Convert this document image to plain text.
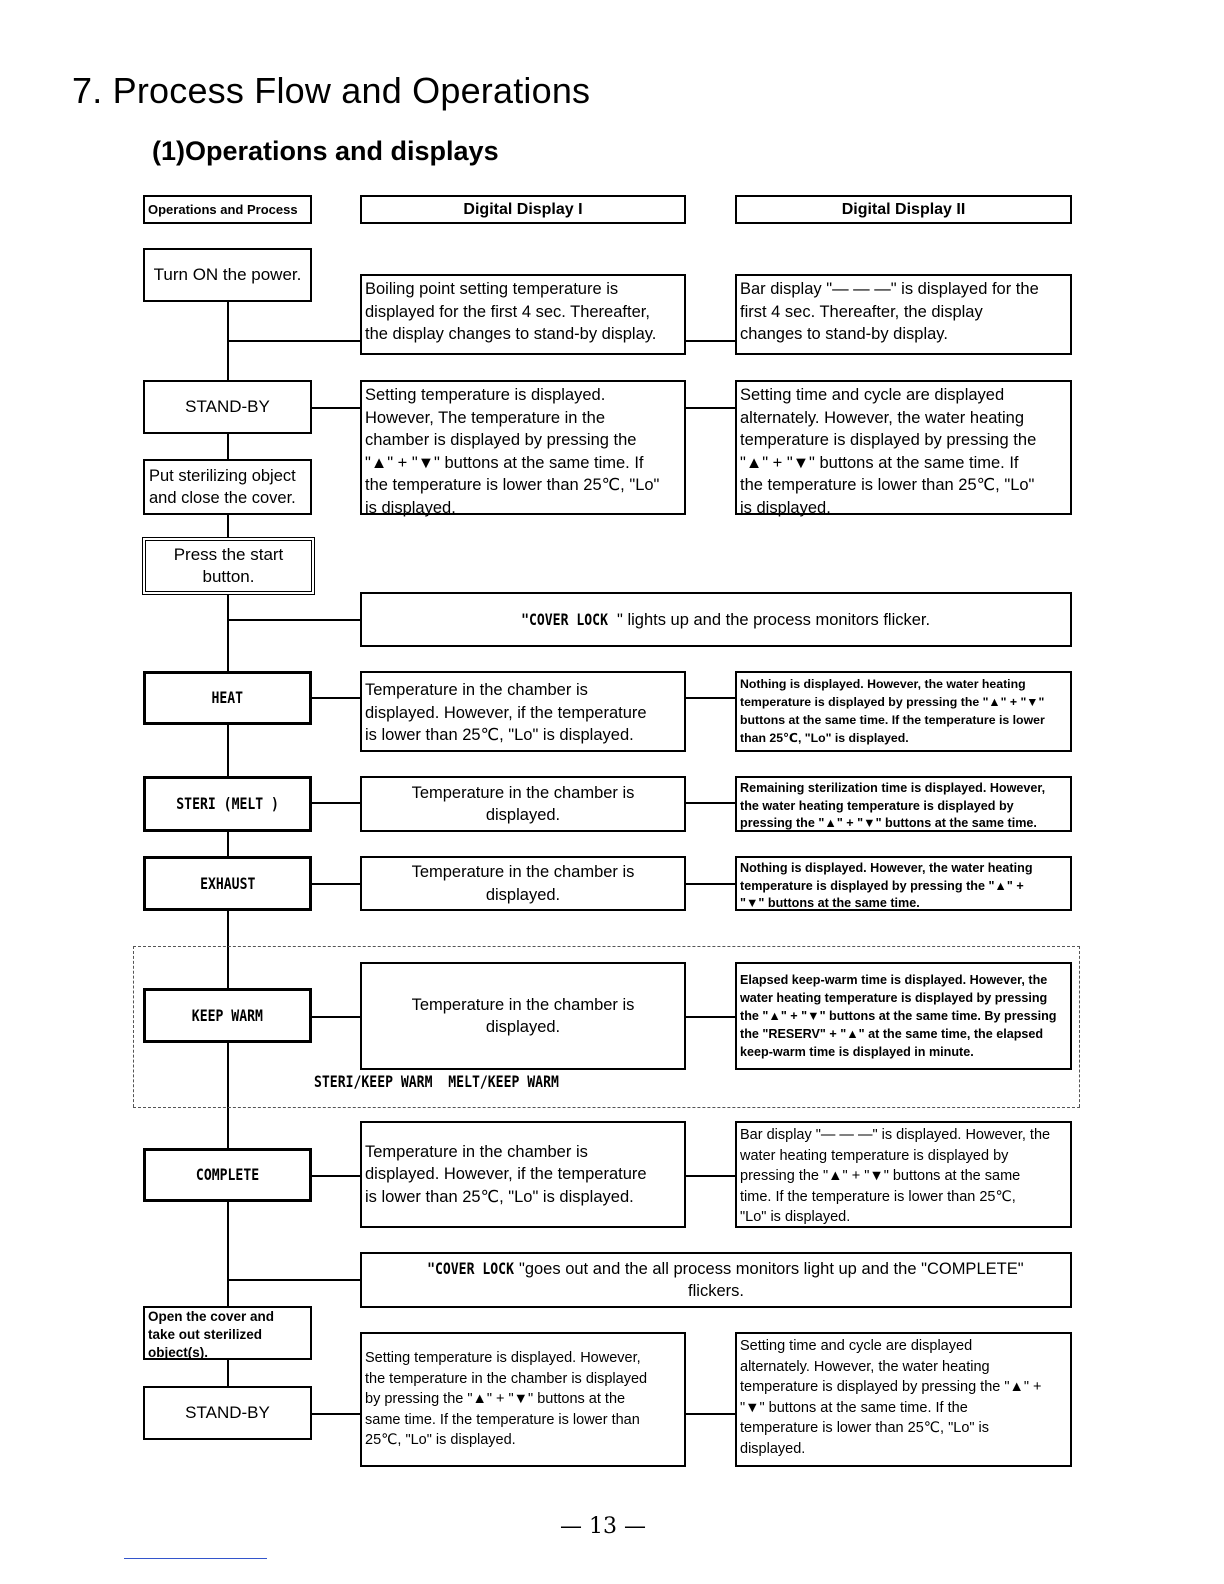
7. Process Flow and Operations
(1)Operations and displays
Operations and Process	Digital Display I	Digital Display II
Turn ON the power.
STAND-BY
Put sterilizing object
and close the cover.
Press the start
button.
HEAT
STERI (MELT )
EXHAUST
KEEP WARM
COMPLETE
Open the cover and
take out sterilized
object(s).
STAND-BY
Boiling point setting temperature is
displayed for the first 4 sec. Thereafter,
the display changes to stand-by display.
Setting temperature is displayed.
However, The temperature in the
chamber is displayed by pressing the
"▲" + "▼" buttons at the same time. If
the temperature is lower than 25℃, "Lo"
is displayed.
Temperature in the chamber is
displayed. However, if the temperature
is lower than 25℃, "Lo" is displayed.
Temperature in the chamber is
displayed.
Temperature in the chamber is
displayed.
Temperature in the chamber is
displayed.
Temperature in the chamber is
displayed. However, if the temperature
is lower than 25℃, "Lo" is displayed.
Setting temperature is displayed. However,
the temperature in the chamber is displayed
by pressing the "▲" + "▼" buttons at the
same time. If the temperature is lower than
25℃, "Lo" is displayed.
Bar display "— — —" is displayed for the
first 4 sec. Thereafter, the display
changes to stand-by display.
Setting time and cycle are displayed
alternately. However, the water heating
temperature is displayed by pressing the
"▲" + "▼" buttons at the same time. If
the temperature is lower than 25℃, "Lo"
is displayed.
Nothing is displayed. However, the water heating
temperature is displayed by pressing the "▲" + "▼"
buttons at the same time. If the temperature is lower
than 25℃, "Lo" is displayed.
Remaining sterilization time is displayed. However,
the water heating temperature is displayed by
pressing the "▲" + "▼" buttons at the same time.
Nothing is displayed. However, the water heating
temperature is displayed by pressing the "▲" +
"▼" buttons at the same time.
Elapsed keep-warm time is displayed. However, the
water heating temperature is displayed by pressing
the "▲" + "▼" buttons at the same time. By pressing
the "RESERV" + "▲" at the same time, the elapsed
keep-warm time is displayed in minute.
Bar display "— — —" is displayed. However, the
water heating temperature is displayed by
pressing the "▲" + "▼" buttons at the same
time. If the temperature is lower than 25℃,
"Lo" is displayed.
Setting time and cycle are displayed
alternately. However, the water heating
temperature is displayed by pressing the "▲" +
"▼" buttons at the same time. If the
temperature is lower than 25℃, "Lo" is
displayed.
"COVER LOCK  " lights up and the process monitors flicker.
"COVER LOCK "goes out and the all process monitors light up and the "COMPLETE"
flickers.
STERI/KEEP WARM  MELT/KEEP WARM
— 13 —
